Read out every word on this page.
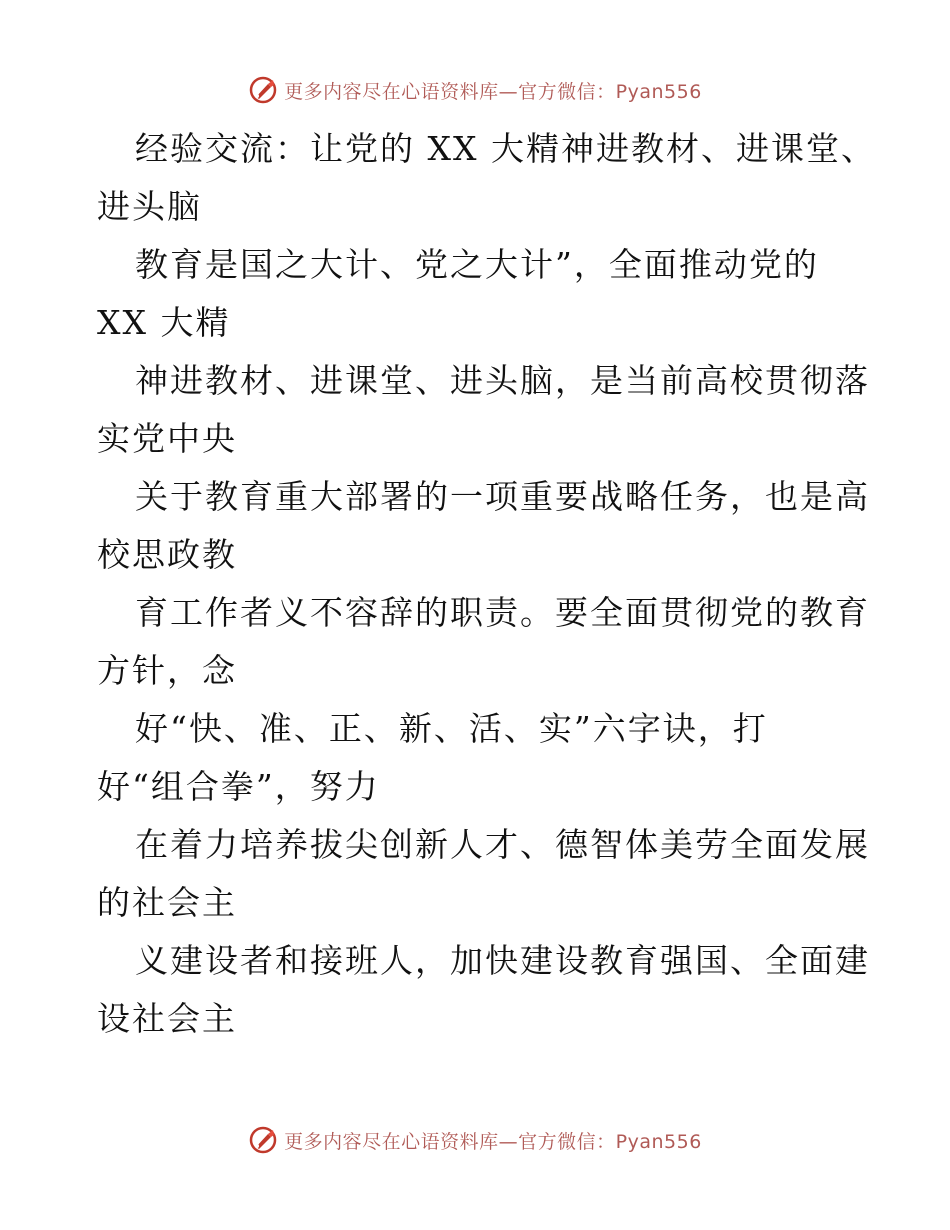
更多内容尽在心语资料库—官方微信：Pyan556
经验交流：让党的 XX 大精神进教材、进课堂、
进头脑
教育是国之大计、党之大计”，全面推动党的
XX 大精
神进教材、进课堂、进头脑，是当前高校贯彻落
实党中央
关于教育重大部署的一项重要战略任务，也是高
校思政教
育工作者义不容辞的职责。要全面贯彻党的教育
方针，念
好“快、准、正、新、活、实”六字诀，打
好“组合拳”，努力
在着力培养拔尖创新人才、德智体美劳全面发展
的社会主
义建设者和接班人，加快建设教育强国、全面建
设社会主
更多内容尽在心语资料库—官方微信：Pyan556
